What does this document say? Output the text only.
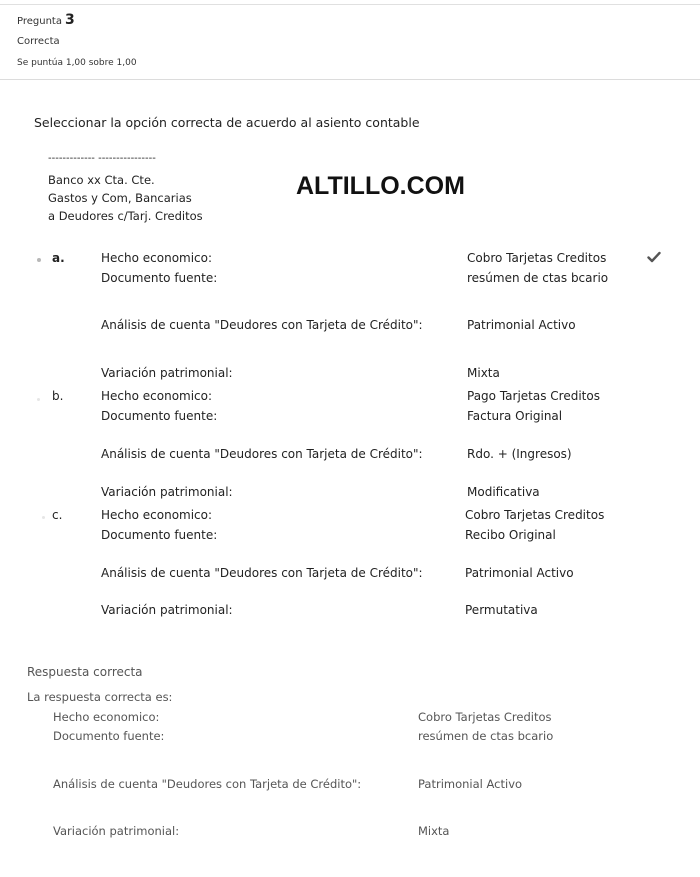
Pregunta 3
Correcta
Se puntúa 1,00 sobre 1,00
Seleccionar la opción correcta de acuerdo al asiento contable
------------- ----------------
Banco xx Cta. Cte.
Gastos y Com, Bancarias
a Deudores c/Tarj. Creditos
ALTILLO.COM
a.	Hecho economico:	Cobro Tarjetas Creditos
Documento fuente:	resúmen de ctas bcario
Análisis de cuenta "Deudores con Tarjeta de Crédito":	Patrimonial Activo
Variación patrimonial:	Mixta
b.	Hecho economico:	Pago Tarjetas Creditos
Documento fuente:	Factura Original
Análisis de cuenta "Deudores con Tarjeta de Crédito":	Rdo. + (Ingresos)
Variación patrimonial:	Modificativa
c.	Hecho economico:	Cobro Tarjetas Creditos
Documento fuente:	Recibo Original
Análisis de cuenta "Deudores con Tarjeta de Crédito":	Patrimonial Activo
Variación patrimonial:	Permutativa
Respuesta correcta
La respuesta correcta es:
Hecho economico:	Cobro Tarjetas Creditos
Documento fuente:	resúmen de ctas bcario
Análisis de cuenta "Deudores con Tarjeta de Crédito":	Patrimonial Activo
Variación patrimonial:	Mixta
